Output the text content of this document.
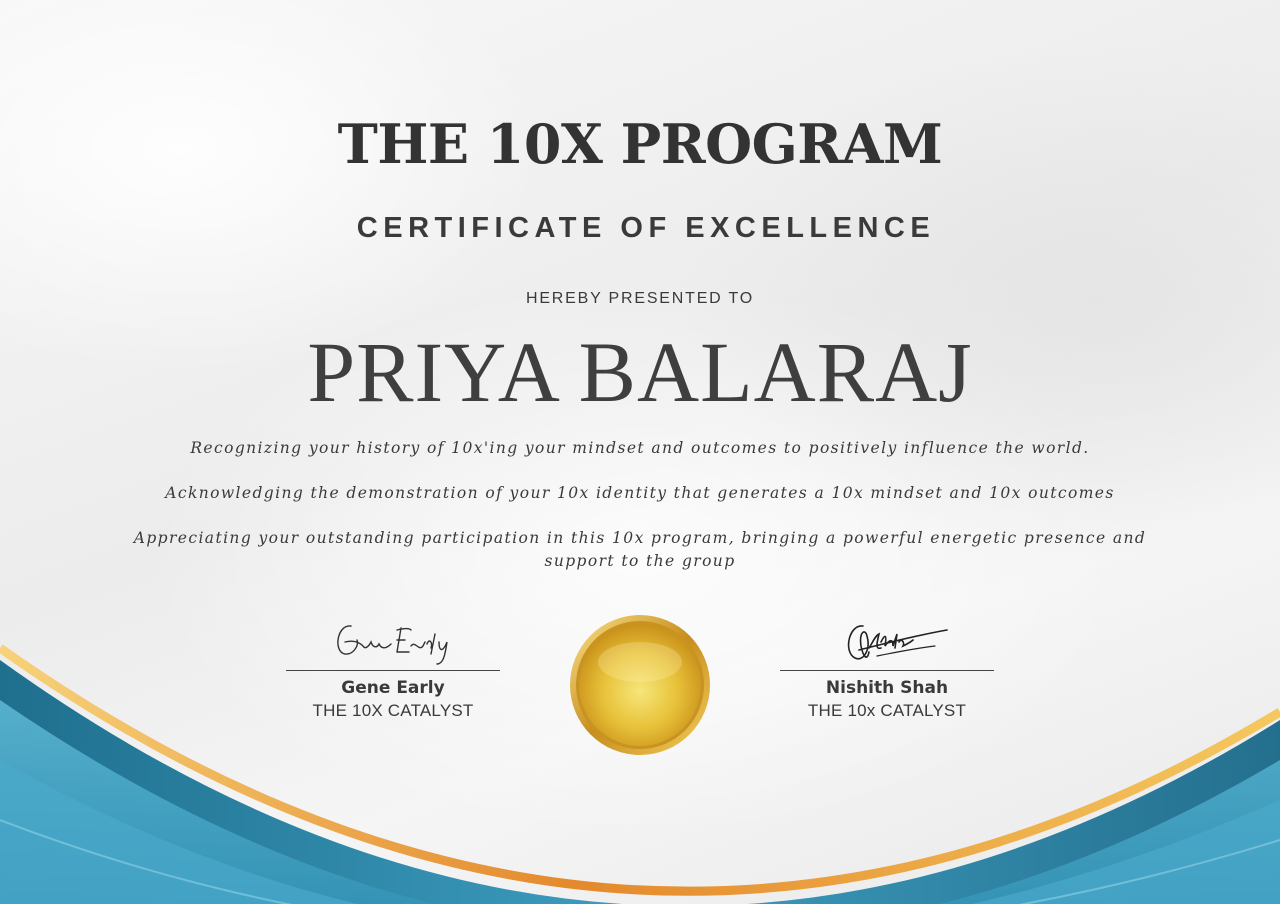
THE 10X PROGRAM
CERTIFICATE OF EXCELLENCE
HEREBY PRESENTED TO
PRIYA BALARAJ

Recognizing your history of 10x'ing your mindset and outcomes to positively influence the world.

Acknowledging the demonstration of your 10x identity that generates a 10x mindset and 10x outcomes

Appreciating your outstanding participation in this 10x program, bringing a powerful energetic presence and support to the group

Gene Early
THE 10X CATALYST
Nishith Shah
THE 10x CATALYST
